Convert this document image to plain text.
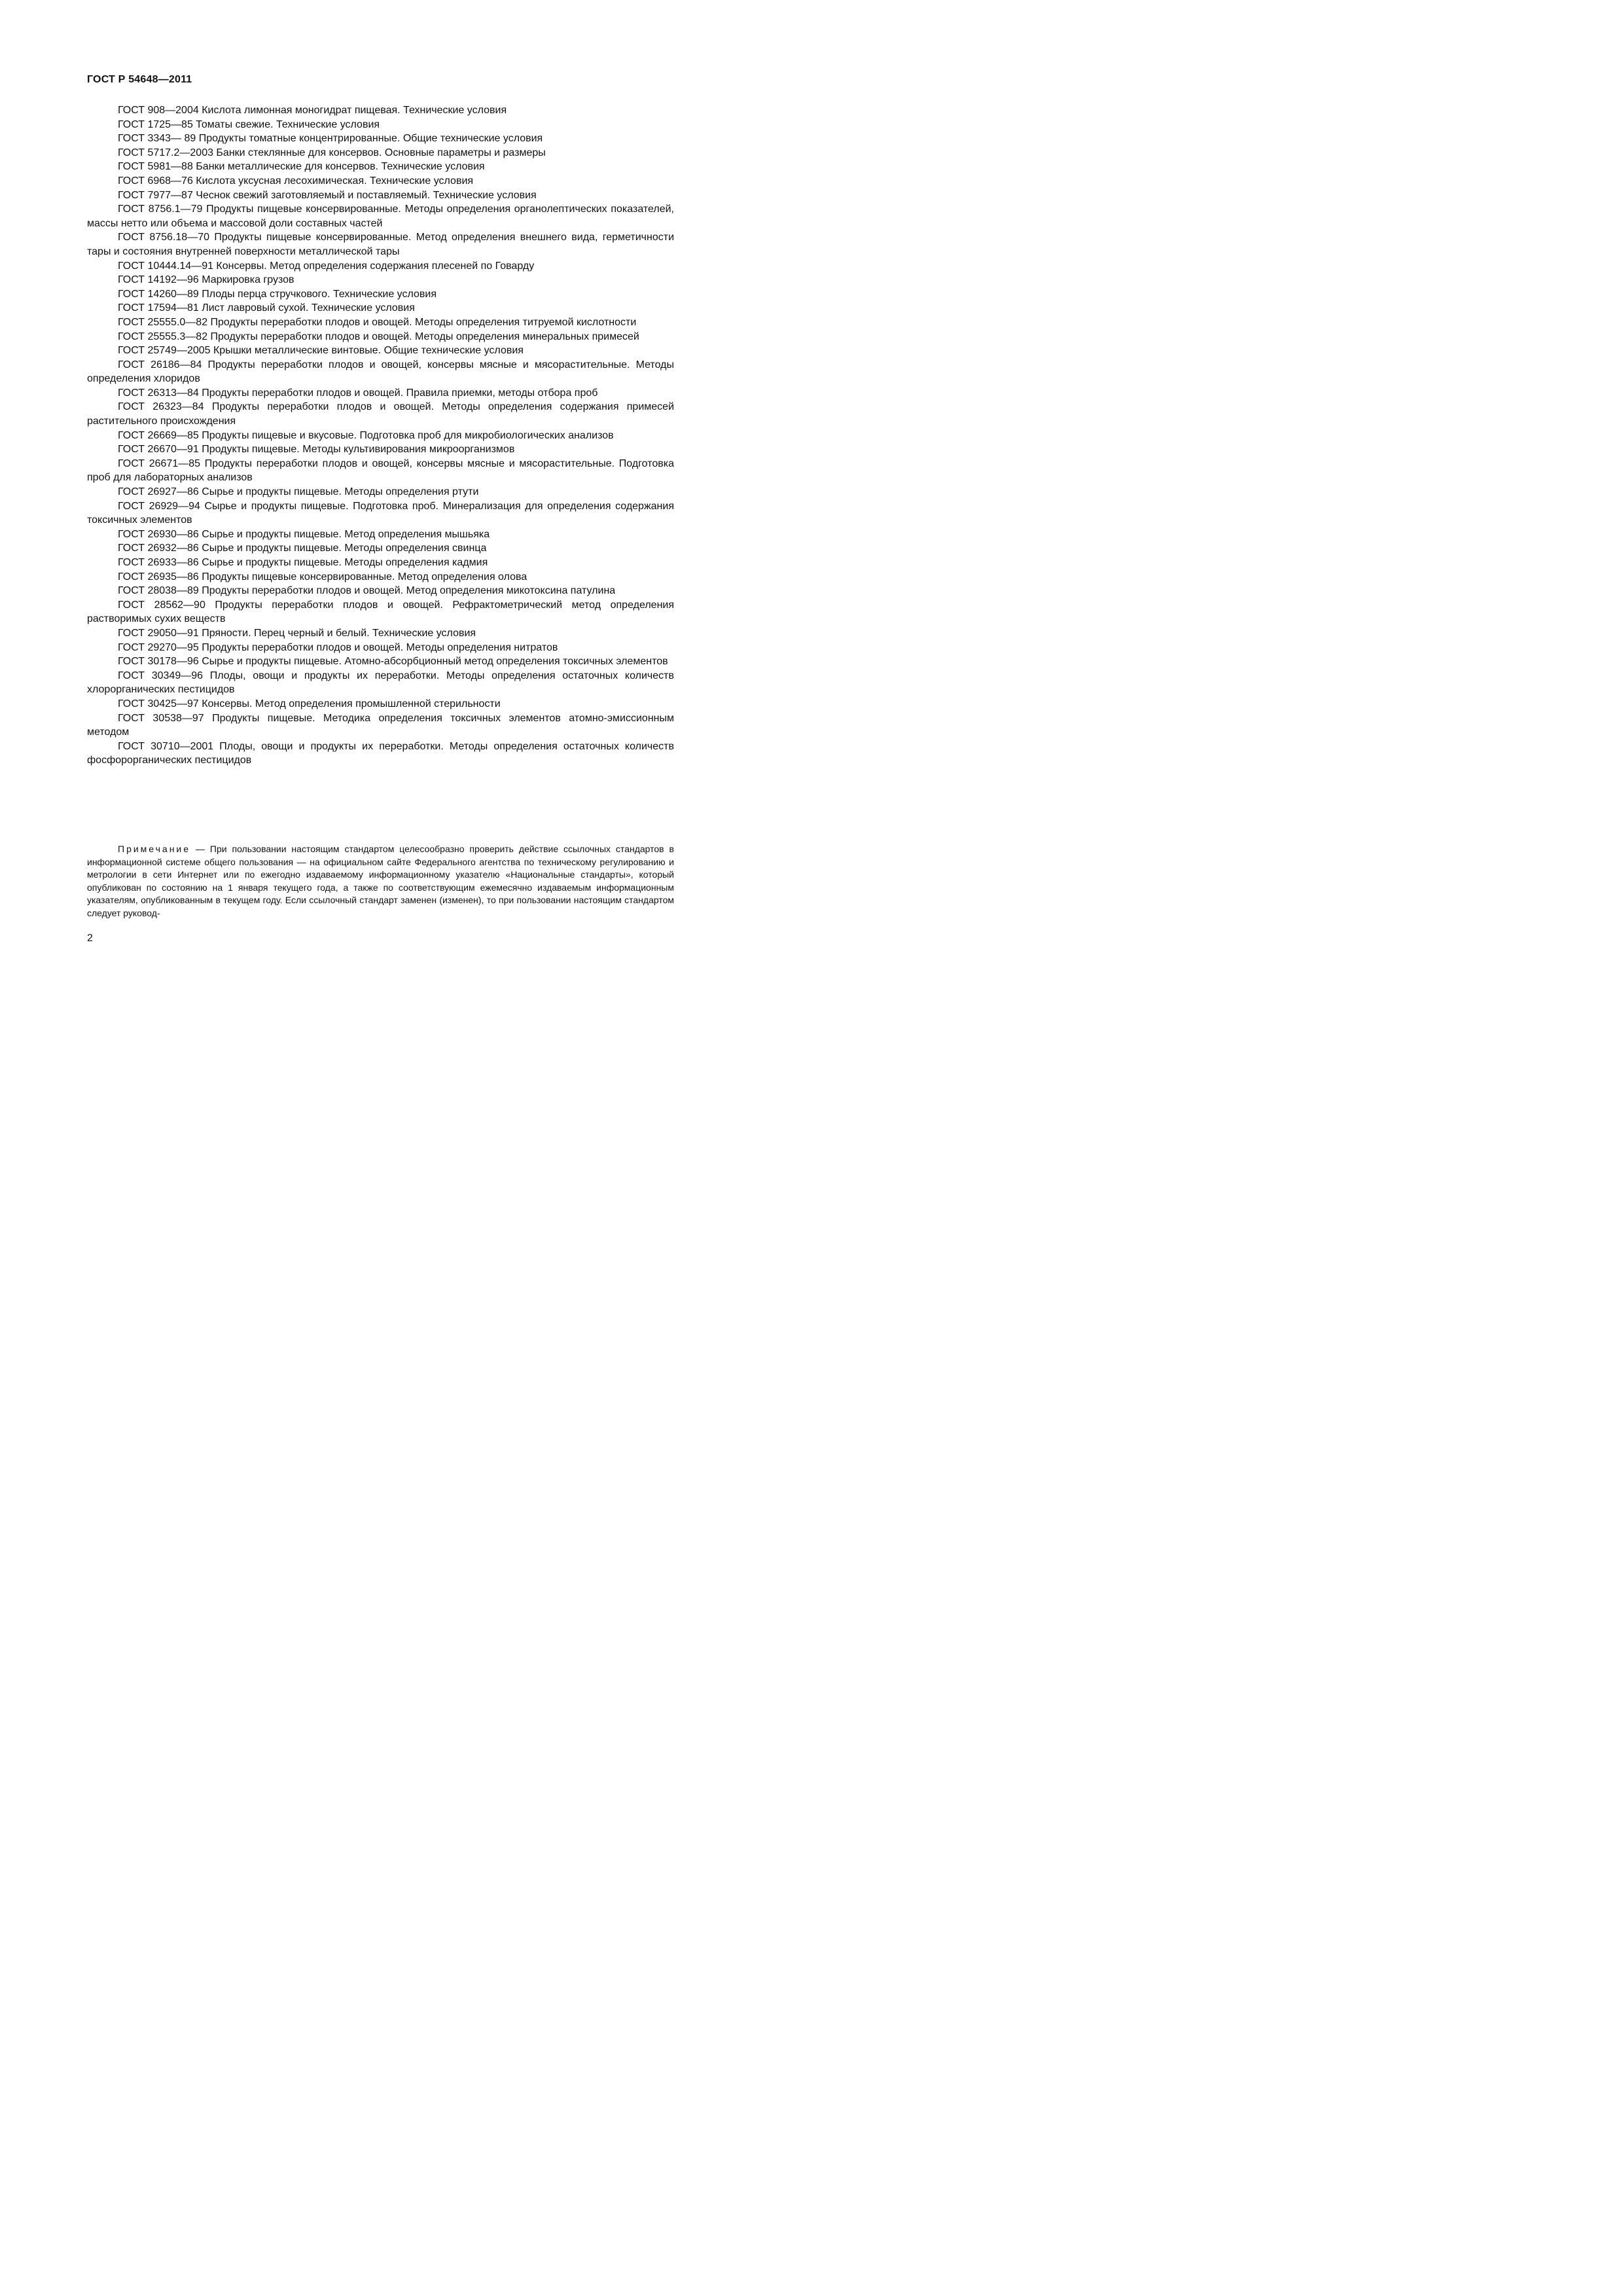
ГОСТ Р 54648—2011

ГОСТ 908—2004 Кислота лимонная моногидрат пищевая. Технические условия

ГОСТ 1725—85 Томаты свежие. Технические условия

ГОСТ 3343— 89 Продукты томатные концентрированные. Общие технические условия

ГОСТ 5717.2—2003 Банки стеклянные для консервов. Основные параметры и размеры

ГОСТ 5981—88 Банки металлические для консервов. Технические условия

ГОСТ 6968—76 Кислота уксусная лесохимическая. Технические условия

ГОСТ 7977—87 Чеснок свежий заготовляемый и поставляемый. Технические условия

ГОСТ 8756.1—79 Продукты пищевые консервированные. Методы определения органолептических показателей, массы нетто или объема и массовой доли составных частей

ГОСТ 8756.18—70 Продукты пищевые консервированные. Метод определения внешнего вида, герметичности тары и состояния внутренней поверхности металлической тары

ГОСТ 10444.14—91 Консервы. Метод определения содержания плесеней по Говарду

ГОСТ 14192—96 Маркировка грузов

ГОСТ 14260—89 Плоды перца стручкового. Технические условия

ГОСТ 17594—81 Лист лавровый сухой. Технические условия

ГОСТ 25555.0—82 Продукты переработки плодов и овощей. Методы определения титруемой кислотности

ГОСТ 25555.3—82 Продукты переработки плодов и овощей. Методы определения минеральных примесей

ГОСТ 25749—2005 Крышки металлические винтовые. Общие технические условия

ГОСТ 26186—84 Продукты переработки плодов и овощей, консервы мясные и мясорастительные. Методы определения хлоридов

ГОСТ 26313—84 Продукты переработки плодов и овощей. Правила приемки, методы отбора проб

ГОСТ 26323—84 Продукты переработки плодов и овощей. Методы определения содержания примесей растительного происхождения

ГОСТ 26669—85 Продукты пищевые и вкусовые. Подготовка проб для микробиологических анализов

ГОСТ 26670—91 Продукты пищевые. Методы культивирования микроорганизмов

ГОСТ 26671—85 Продукты переработки плодов и овощей, консервы мясные и мясорастительные. Подготовка проб для лабораторных анализов

ГОСТ 26927—86 Сырье и продукты пищевые. Методы определения ртути

ГОСТ 26929—94 Сырье и продукты пищевые. Подготовка проб. Минерализация для определения содержания токсичных элементов

ГОСТ 26930—86 Сырье и продукты пищевые. Метод определения мышьяка

ГОСТ 26932—86 Сырье и продукты пищевые. Методы определения свинца

ГОСТ 26933—86 Сырье и продукты пищевые. Методы определения кадмия

ГОСТ 26935—86 Продукты пищевые консервированные. Метод определения олова

ГОСТ 28038—89 Продукты переработки плодов и овощей. Метод определения микотоксина патулина

ГОСТ 28562—90 Продукты переработки плодов и овощей. Рефрактометрический метод определения растворимых сухих веществ

ГОСТ 29050—91 Пряности. Перец черный и белый. Технические условия

ГОСТ 29270—95 Продукты переработки плодов и овощей. Методы определения нитратов

ГОСТ 30178—96 Сырье и продукты пищевые. Атомно-абсорбционный метод определения токсичных элементов

ГОСТ 30349—96 Плоды, овощи и продукты их переработки. Методы определения остаточных количеств хлорорганических пестицидов

ГОСТ 30425—97 Консервы. Метод определения промышленной стерильности

ГОСТ 30538—97 Продукты пищевые. Методика определения токсичных элементов атомно-эмиссионным методом

ГОСТ 30710—2001 Плоды, овощи и продукты их переработки. Методы определения остаточных количеств фосфорорганических пестицидов

Примечание — При пользовании настоящим стандартом целесообразно проверить действие ссылочных стандартов в информационной системе общего пользования — на официальном сайте Федерального агентства по техническому регулированию и метрологии в сети Интернет или по ежегодно издаваемому информационному указателю «Национальные стандарты», который опубликован по состоянию на 1 января текущего года, а также по соответствующим ежемесячно издаваемым информационным указателям, опубликованным в текущем году. Если ссылочный стандарт заменен (изменен), то при пользовании настоящим стандартом следует руковод-

2
